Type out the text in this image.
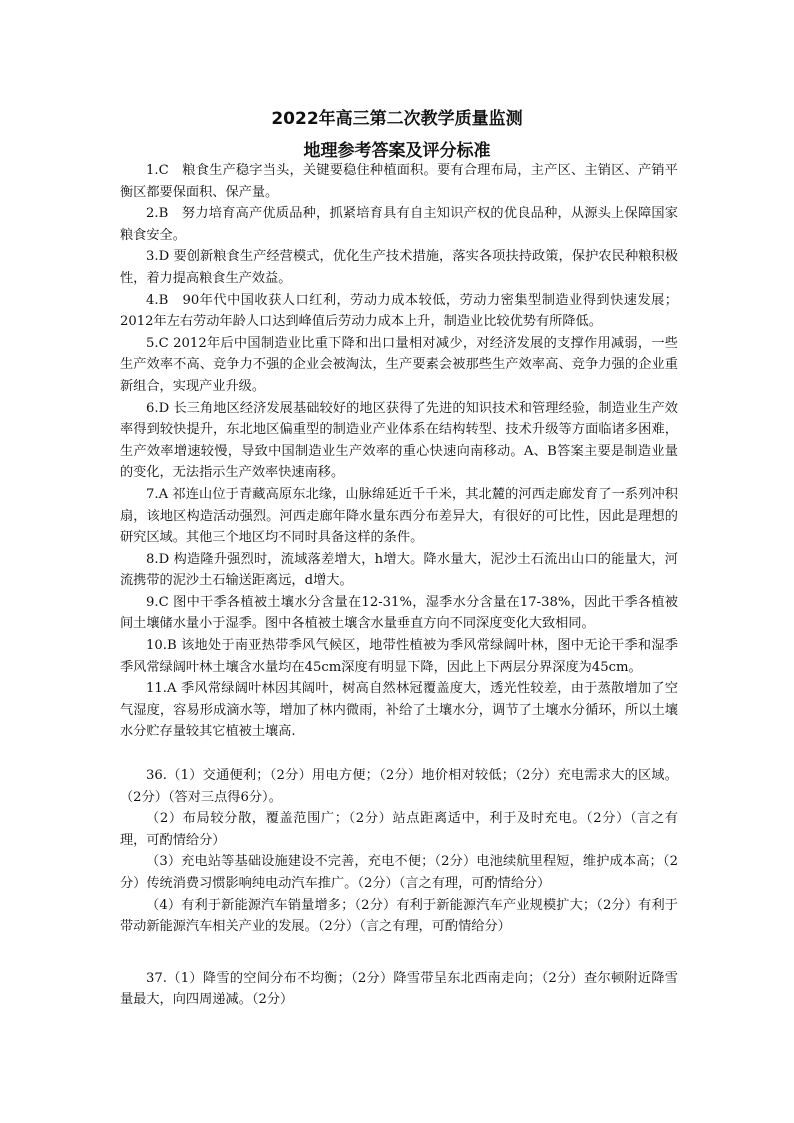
2022年高三第二次教学质量监测
地理参考答案及评分标准

1.C　粮食生产稳字当头，关键要稳住种植面积。要有合理布局，主产区、主销区、产销平衡区都要保面积、保产量。

2.B　努力培育高产优质品种，抓紧培育具有自主知识产权的优良品种，从源头上保障国家粮食安全。

3.D 要创新粮食生产经营模式，优化生产技术措施，落实各项扶持政策，保护农民种粮积极性，着力提高粮食生产效益。

4.B　90年代中国收获人口红利，劳动力成本较低，劳动力密集型制造业得到快速发展；2012年左右劳动年龄人口达到峰值后劳动力成本上升，制造业比较优势有所降低。

5.C 2012年后中国制造业比重下降和出口量相对减少，对经济发展的支撑作用减弱，一些生产效率不高、竞争力不强的企业会被淘汰，生产要素会被那些生产效率高、竞争力强的企业重新组合，实现产业升级。

6.D 长三角地区经济发展基础较好的地区获得了先进的知识技术和管理经验，制造业生产效率得到较快提升，东北地区偏重型的制造业产业体系在结构转型、技术升级等方面临诸多困难，生产效率增速较慢，导致中国制造业生产效率的重心快速向南移动。A、B答案主要是制造业量的变化，无法指示生产效率快速南移。

7.A 祁连山位于青藏高原东北缘，山脉绵延近千千米，其北麓的河西走廊发育了一系列冲积扇，该地区构造活动强烈。河西走廊年降水量东西分布差异大，有很好的可比性，因此是理想的研究区域。其他三个地区均不同时具备这样的条件。

8.D 构造隆升强烈时，流域落差增大，h增大。降水量大，泥沙土石流出山口的能量大，河流携带的泥沙土石输送距离远，d增大。

9.C 图中干季各植被土壤水分含量在12-31%，湿季水分含量在17-38%，因此干季各植被间土壤储水量小于湿季。图中各植被土壤含水量垂直方向不同深度变化大致相同。

10.B 该地处于南亚热带季风气候区，地带性植被为季风常绿阔叶林，图中无论干季和湿季季风常绿阔叶林土壤含水量均在45cm深度有明显下降，因此上下两层分界深度为45cm。

11.A 季风常绿阔叶林因其阔叶，树高自然林冠覆盖度大，透光性较差，由于蒸散增加了空气湿度，容易形成滴水等，增加了林内微雨，补给了土壤水分，调节了土壤水分循环，所以土壤水分贮存量较其它植被土壤高.

36.（1）交通便利；（2分）用电方便；（2分）地价相对较低；（2分）充电需求大的区域。（2分）（答对三点得6分）。

（2）布局较分散，覆盖范围广；（2分）站点距离适中，利于及时充电。（2分）（言之有理，可酌情给分）

（3）充电站等基础设施建设不完善，充电不便；（2分）电池续航里程短，维护成本高；（2分）传统消费习惯影响纯电动汽车推广。（2分）（言之有理，可酌情给分）

（4）有利于新能源汽车销量增多；（2分）有利于新能源汽车产业规模扩大；（2分）有利于带动新能源汽车相关产业的发展。（2分）（言之有理，可酌情给分）

37.（1）降雪的空间分布不均衡；（2分）降雪带呈东北西南走向；（2分）查尔顿附近降雪量最大，向四周递减。（2分）
